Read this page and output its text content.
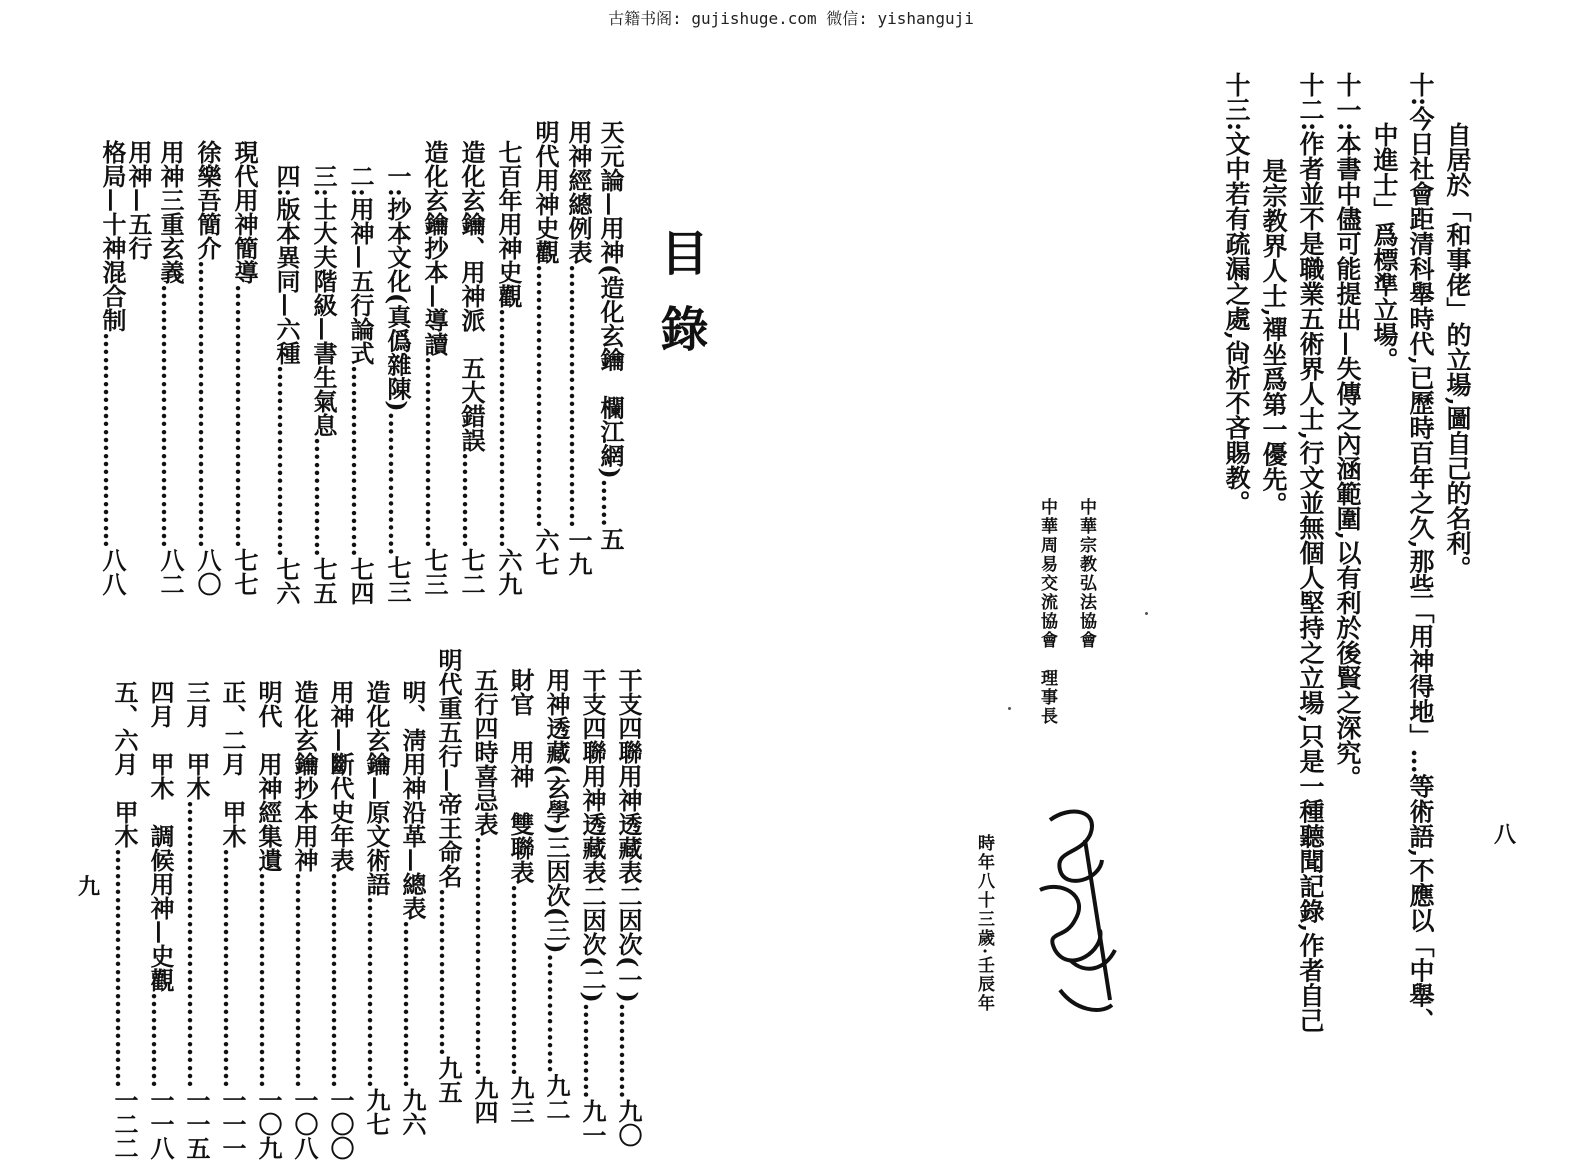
古籍书阁: gujishuge.com 微信: yishanguji
八
自居於「和事佬」的立場,圖自己的名利。
十:今日社會距清科舉時代,已歷時百年之久,那些「用神得地」…等術語,不應以「中舉、
中進士」爲標準立場。
十一:本書中儘可能提出—失傳之內涵範圍,以有利於後賢之深究。
十二:作者並不是職業五術界人士,行文並無個人堅持之立場,只是一種聽聞記錄,作者自己
是宗教界人士,禪坐爲第一優先。
十三:文中若有疏漏之處,尙祈不吝賜教。
中華宗教弘法協會
中華周易交流協會　理事長
時年八十三歲·壬辰年
九
目錄
天元論—用神(造化玄鑰　欄江網)……五
用神經總例表……………………………一九
明代用神史觀……………………………六七
七百年用神史觀…………………………六九
造化玄鑰、用神派　五大錯誤…………七二
造化玄鑰抄本—導讀……………………七三
一:抄本文化(真僞雜陳)………………七三
二:用神—五行論式……………………七四
三:士大夫階級—書生氣息……………七五
四:版本異同—六種……………………七六
現代用神簡導……………………………七七
徐樂吾簡介………………………………八〇
用神三重玄義……………………………八二
用神—五行
格局—十神混合制………………………八八
干支四聯用神透藏表二因次(一)…………九〇
干支四聯用神透藏表二因次(二)…………九一
用神透藏(玄學)三因次(三)……………九二
財官　用神　雙聯表……………………九三
五行四時喜忌表…………………………九四
明代重五行—帝王命名…………………九五
明、淸用神沿革—總表…………………九六
造化玄鑰—原文術語……………………九七
用神—斷代史年表………………………一〇〇
造化玄鑰抄本用神………………………一〇八
明代　用神經集遺………………………一〇九
正、二月　甲木…………………………一一一
三月　甲木………………………………一一五
四月　甲木　調候用神—史觀…………一一八
五、六月　甲木…………………………一二二
